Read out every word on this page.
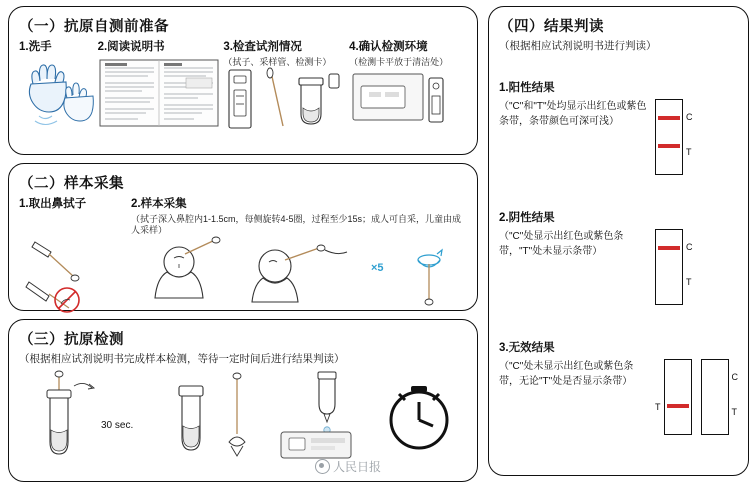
（一）抗原自测前准备
1.洗手	2.阅读说明书	3.检查试剂情况
（拭子、采样管、检测卡）
4.确认检测环境
（检测卡平放于清洁处）
（二）样本采集
1.取出鼻拭子	2.样本采集
（拭子深入鼻腔内1-1.5cm，每侧旋转4-5圈，过程至少15s；成人可自采，儿童由成人采样）
×5
（三）抗原检测
（根据相应试剂说明书完成样本检测，等待一定时间后进行结果判读）
30 sec.
人民日报
（四）结果判读
（根据相应试剂说明书进行判读）
1.阳性结果
（"C"和"T"处均显示出红色或紫色条带，条带颜色可深可浅）	C
T
2.阴性结果
（"C"处显示出红色或紫色条带，"T"处未显示条带）	C
T
3.无效结果
（"C"处未显示出红色或紫色条带，无论"T"处是否显示条带）
T
C
T
